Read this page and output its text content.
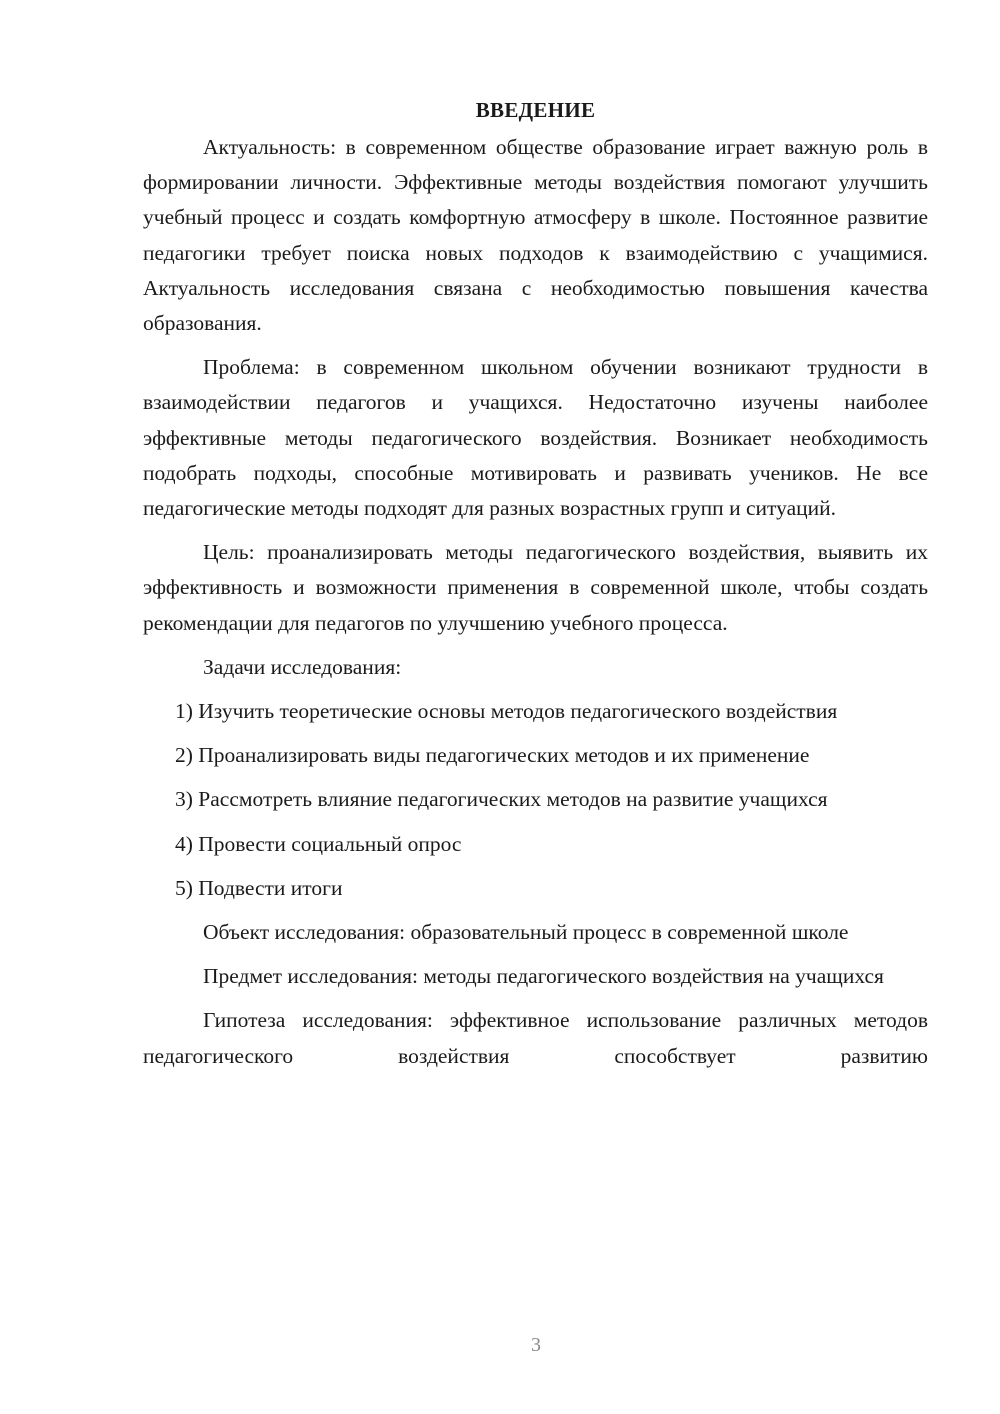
ВВЕДЕНИЕ

Актуальность: в современном обществе образование играет важную роль в формировании личности. Эффективные методы воздействия помогают улучшить учебный процесс и создать комфортную атмосферу в школе. Постоянное развитие педагогики требует поиска новых подходов к взаимодействию с учащимися. Актуальность исследования связана с необходимостью повышения качества образования.

Проблема: в современном школьном обучении возникают трудности в взаимодействии педагогов и учащихся. Недостаточно изучены наиболее эффективные методы педагогического воздействия. Возникает необходимость подобрать подходы, способные мотивировать и развивать учеников. Не все педагогические методы подходят для разных возрастных групп и ситуаций.

Цель: проанализировать методы педагогического воздействия, выявить их эффективность и возможности применения в современной школе, чтобы создать рекомендации для педагогов по улучшению учебного процесса.

Задачи исследования:

1) Изучить теоретические основы методов педагогического воздействия

2) Проанализировать виды педагогических методов и их применение

3) Рассмотреть влияние педагогических методов на развитие учащихся

4) Провести социальный опрос

5) Подвести итоги

Объект исследования: образовательный процесс в современной школе

Предмет исследования: методы педагогического воздействия на учащихся

Гипотеза исследования: эффективное использование различных методов педагогического воздействия способствует развитию

3
